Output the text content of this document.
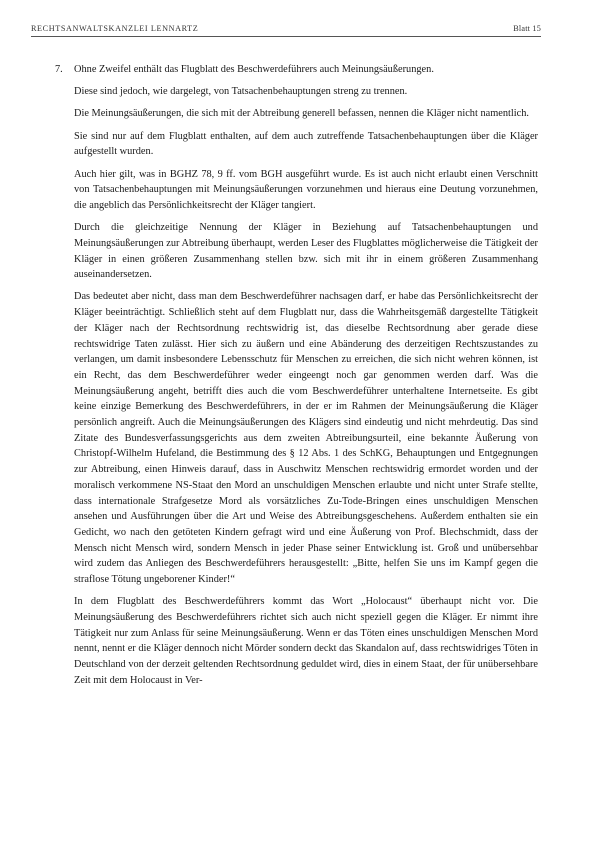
RECHTSANWALTSKANZLEI LENNARTZ	Blatt 15
7. Ohne Zweifel enthält das Flugblatt des Beschwerdeführers auch Meinungsäußerungen.

Diese sind jedoch, wie dargelegt, von Tatsachenbehauptungen streng zu trennen.

Die Meinungsäußerungen, die sich mit der Abtreibung generell befassen, nennen die Kläger nicht namentlich.

Sie sind nur auf dem Flugblatt enthalten, auf dem auch zutreffende Tatsachenbehauptungen über die Kläger aufgestellt wurden.

Auch hier gilt, was in BGHZ 78, 9 ff. vom BGH ausgeführt wurde. Es ist auch nicht erlaubt einen Verschnitt von Tatsachenbehauptungen mit Meinungsäußerungen vorzunehmen und hieraus eine Deutung vorzunehmen, die angeblich das Persönlichkeitsrecht der Kläger tangiert.

Durch die gleichzeitige Nennung der Kläger in Beziehung auf Tatsachenbehauptungen und Meinungsäußerungen zur Abtreibung überhaupt, werden Leser des Flugblattes möglicherweise die Tätigkeit der Kläger in einen größeren Zusammenhang stellen bzw. sich mit ihr in einem größeren Zusammenhang auseinandersetzen.

Das bedeutet aber nicht, dass man dem Beschwerdeführer nachsagen darf, er habe das Persönlichkeitsrecht der Kläger beeinträchtigt. Schließlich steht auf dem Flugblatt nur, dass die Wahrheitsgemäß dargestellte Tätigkeit der Kläger nach der Rechtsordnung rechtswidrig ist, das dieselbe Rechtsordnung aber gerade diese rechtswidrige Taten zulässt. Hier sich zu äußern und eine Abänderung des derzeitigen Rechtszustandes zu verlangen, um damit insbesondere Lebensschutz für Menschen zu erreichen, die sich nicht wehren können, ist ein Recht, das dem Beschwerdeführer weder eingeengt noch gar genommen werden darf. Was die Meinungsäußerung angeht, betrifft dies auch die vom Beschwerdeführer unterhaltene Internetseite. Es gibt keine einzige Bemerkung des Beschwerdeführers, in der er im Rahmen der Meinungsäußerung die Kläger persönlich angreift. Auch die Meinungsäußerungen des Klägers sind eindeutig und nicht mehrdeutig. Das sind Zitate des Bundesverfassungsgerichts aus dem zweiten Abtreibungsurteil, eine bekannte Äußerung von Christopf-Wilhelm Hufeland, die Bestimmung des § 12 Abs. 1 des SchKG, Behauptungen und Entgegnungen zur Abtreibung, einen Hinweis darauf, dass in Auschwitz Menschen rechtswidrig ermordet worden und der moralisch verkommene NS-Staat den Mord an unschuldigen Menschen erlaubte und nicht unter Strafe stellte, dass internationale Strafgesetze Mord als vorsätzliches Zu-Tode-Bringen eines unschuldigen Menschen ansehen und Ausführungen über die Art und Weise des Abtreibungsgeschehens. Außerdem enthalten sie ein Gedicht, wo nach den getöteten Kindern gefragt wird und eine Äußerung von Prof. Blechschmidt, dass der Mensch nicht Mensch wird, sondern Mensch in jeder Phase seiner Entwicklung ist. Groß und unübersehbar wird zudem das Anliegen des Beschwerdeführers herausgestellt: „Bitte, helfen Sie uns im Kampf gegen die straflose Tötung ungeborener Kinder!“

In dem Flugblatt des Beschwerdeführers kommt das Wort „Holocaust“ überhaupt nicht vor. Die Meinungsäußerung des Beschwerdeführers richtet sich auch nicht speziell gegen die Kläger. Er nimmt ihre Tätigkeit nur zum Anlass für seine Meinungsäußerung. Wenn er das Töten eines unschuldigen Menschen Mord nennt, nennt er die Kläger dennoch nicht Mörder sondern deckt das Skandalon auf, dass rechtswidriges Töten in Deutschland von der derzeit geltenden Rechtsordnung geduldet wird, dies in einem Staat, der für unübersehbare Zeit mit dem Holocaust in Ver-
